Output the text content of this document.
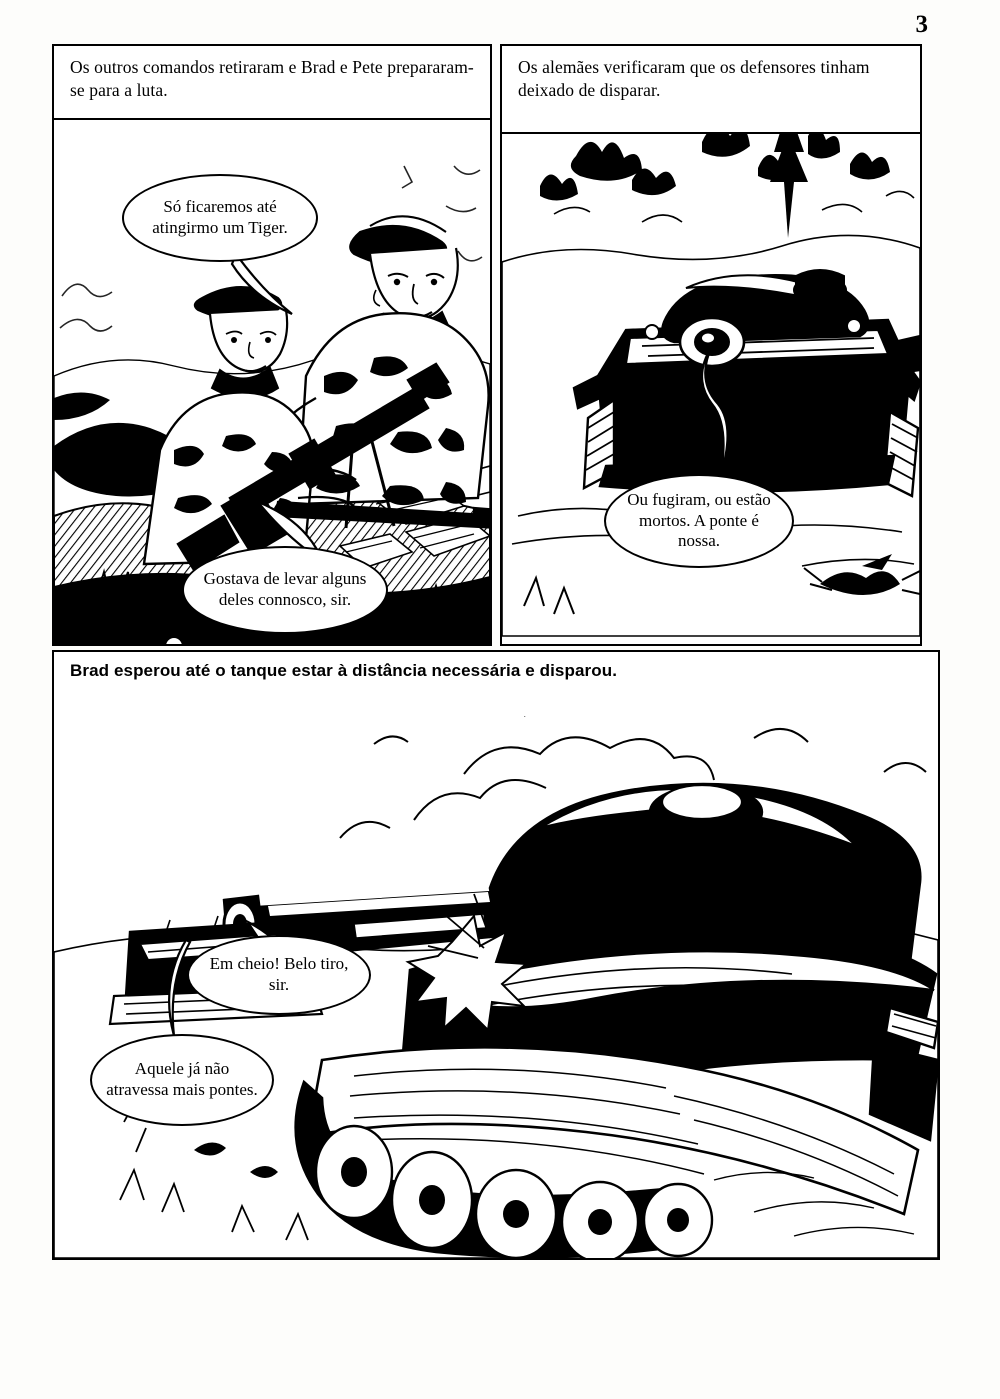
3
Os outros comandos retiraram e Brad e Pete prepararam-se para a luta.
Só ficaremos até atingirmo um Tiger.
Gostava de levar alguns deles connosco, sir.
Os alemães verificaram que os defensores tinham deixado de disparar.
Ou fugiram, ou estão mortos. A ponte é nossa.
Brad esperou até o tanque estar à distância necessária e disparou.
Em cheio! Belo tiro, sir.
Aquele já não atravessa mais pontes.
